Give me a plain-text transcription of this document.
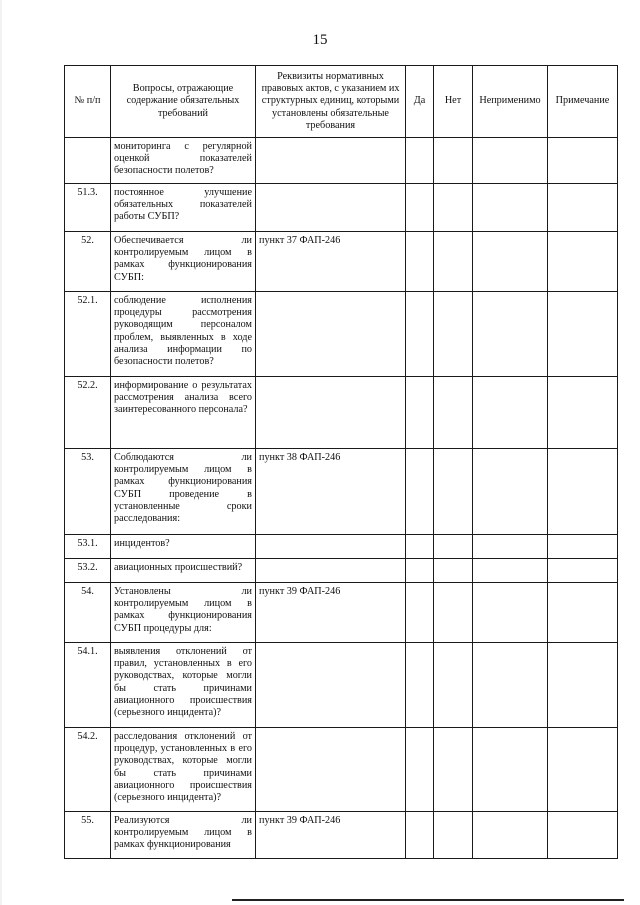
15
№ п/п	Вопросы, отражающие содержание обязательных требований	Реквизиты нормативных правовых актов, с указанием их структурных единиц, которыми установлены обязательные требования	Да	Нет	Неприменимо	Примечание
	мониторинга с регулярной оценкой показателей безопасности полетов?					
51.3.	постоянное улучшение обязательных показателей работы СУБП?					
52.	Обеспечивается ли контролируемым лицом в рамках функционирования СУБП:	пункт 37 ФАП-246				
52.1.	соблюдение исполнения процедуры рассмотрения руководящим персоналом проблем, выявленных в ходе анализа информации по безопасности полетов?					
52.2.	информирование о результатах рассмотрения анализа всего заинтересованного персонала?					
53.	Соблюдаются ли контролируемым лицом в рамках функционирования СУБП проведение в установленные сроки расследования:	пункт 38 ФАП-246				
53.1.	инцидентов?					
53.2.	авиационных происшествий?					
54.	Установлены ли контролируемым лицом в рамках функционирования СУБП процедуры для:	пункт 39 ФАП-246				
54.1.	выявления отклонений от правил, установленных в его руководствах, которые могли бы стать причинами авиационного происшествия (серьезного инцидента)?					
54.2.	расследования отклонений от процедур, установленных в его руководствах, которые могли бы стать причинами авиационного происшествия (серьезного инцидента)?					
55.	Реализуются ли контролируемым лицом в рамках функционирования	пункт 39 ФАП-246				
